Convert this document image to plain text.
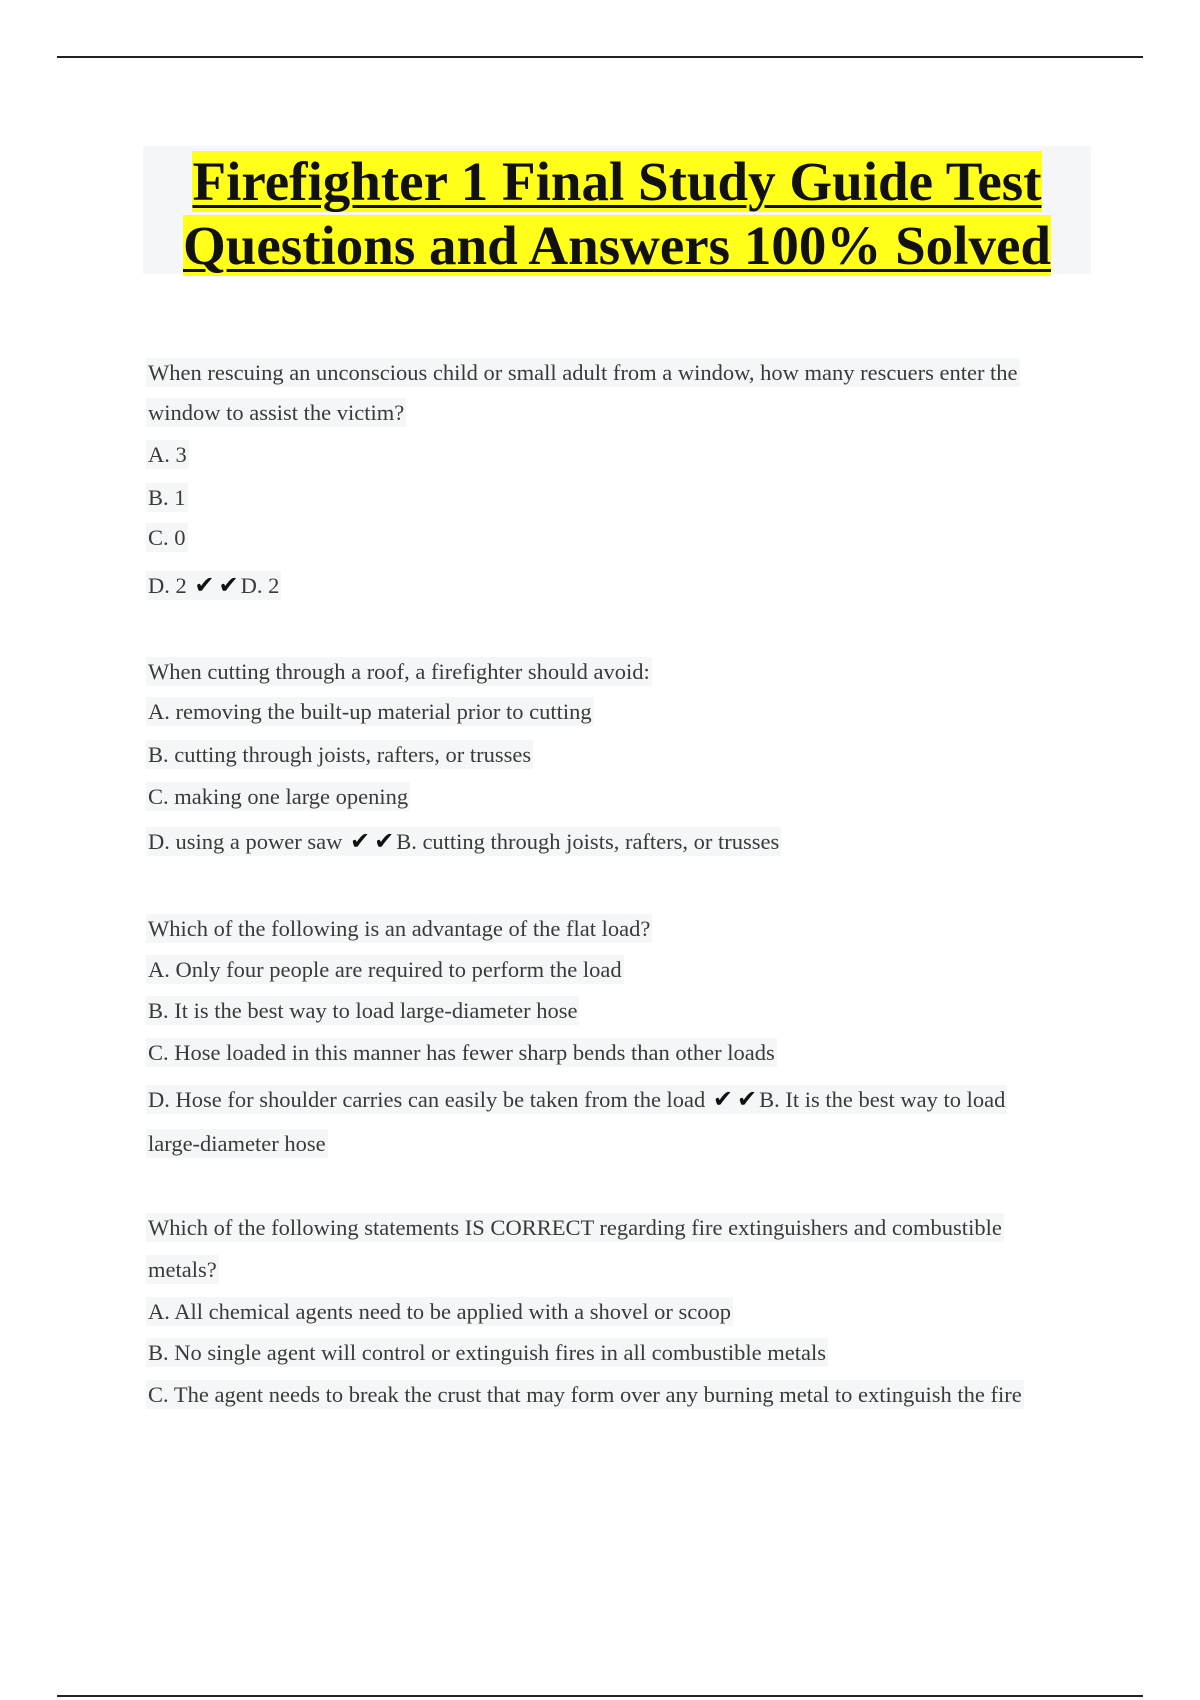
Firefighter 1 Final Study Guide Test
Questions and Answers 100% Solved
When rescuing an unconscious child or small adult from a window, how many rescuers enter the
window to assist the victim?
A. 3
B. 1
C. 0
D. 2 ✔ ✔D. 2
When cutting through a roof, a firefighter should avoid:
A. removing the built-up material prior to cutting
B. cutting through joists, rafters, or trusses
C. making one large opening
D. using a power saw ✔ ✔B. cutting through joists, rafters, or trusses
Which of the following is an advantage of the flat load?
A. Only four people are required to perform the load
B. It is the best way to load large-diameter hose
C. Hose loaded in this manner has fewer sharp bends than other loads
D. Hose for shoulder carries can easily be taken from the load ✔ ✔B. It is the best way to load
large-diameter hose
Which of the following statements IS CORRECT regarding fire extinguishers and combustible
metals?
A. All chemical agents need to be applied with a shovel or scoop
B. No single agent will control or extinguish fires in all combustible metals
C. The agent needs to break the crust that may form over any burning metal to extinguish the fire
